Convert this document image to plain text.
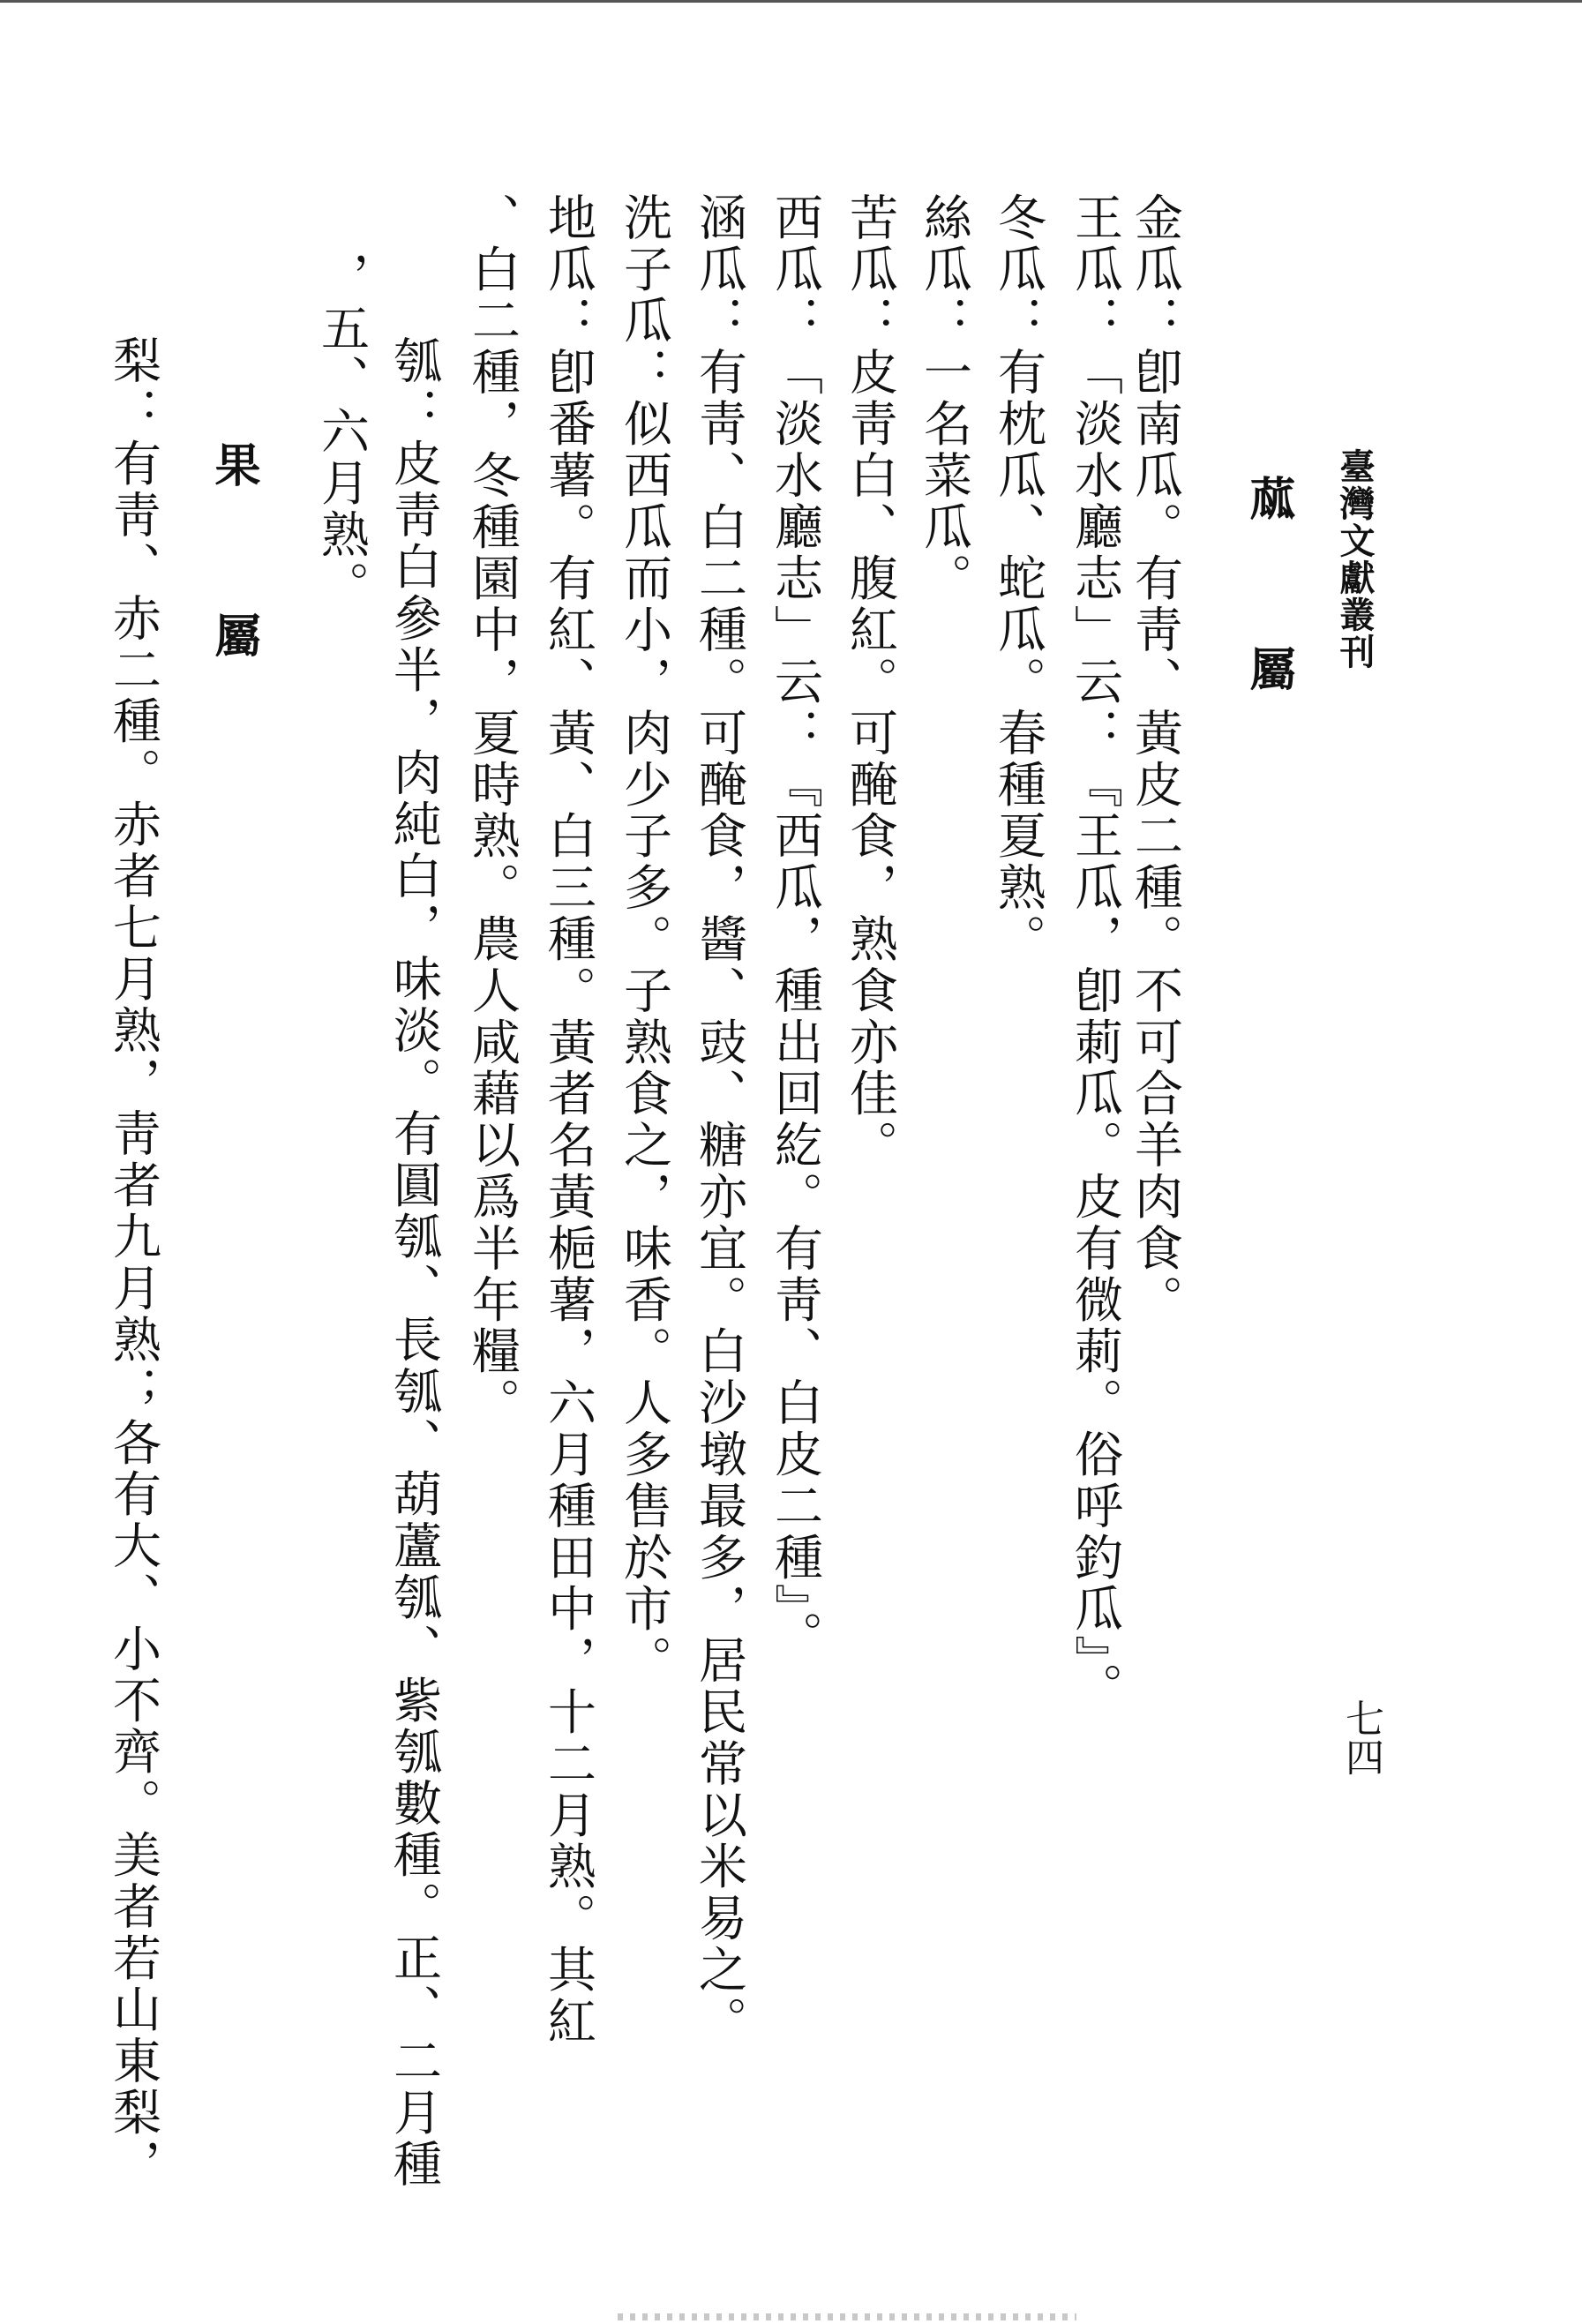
臺灣文獻叢刊
七四
蓏 屬

金瓜：卽南瓜。有靑、黃皮二種。不可合羊肉食。

王瓜：「淡水廳志」云：『王瓜，卽莿瓜。皮有微莿。俗呼釣瓜』。

冬瓜：有枕瓜、蛇瓜。春種夏熟。

絲瓜：一名菜瓜。

苦瓜：皮靑白、腹紅。可醃食，熟食亦佳。

西瓜：「淡水廳志」云：『西瓜，種出回紇。有靑、白皮二種』。

涵瓜：有靑、白二種。可醃食，醬、豉、糖亦宜。白沙墩最多，居民常以米易之。

洗子瓜：似西瓜而小，肉少子多。子熟食之，味香。人多售於市。

地瓜：卽番薯。有紅、黃、白三種。黃者名黃梔薯，六月種田中，十二月熟。其紅

、白二種，冬種園中，夏時熟。農人咸藉以爲半年糧。

瓠：皮靑白參半，肉純白，味淡。有圓瓠、長瓠、葫蘆瓠、紫瓠數種。正、二月種

，五、六月熟。

果 屬

梨：有靑、赤二種。赤者七月熟，靑者九月熟；各有大、小不齊。美者若山東梨，
